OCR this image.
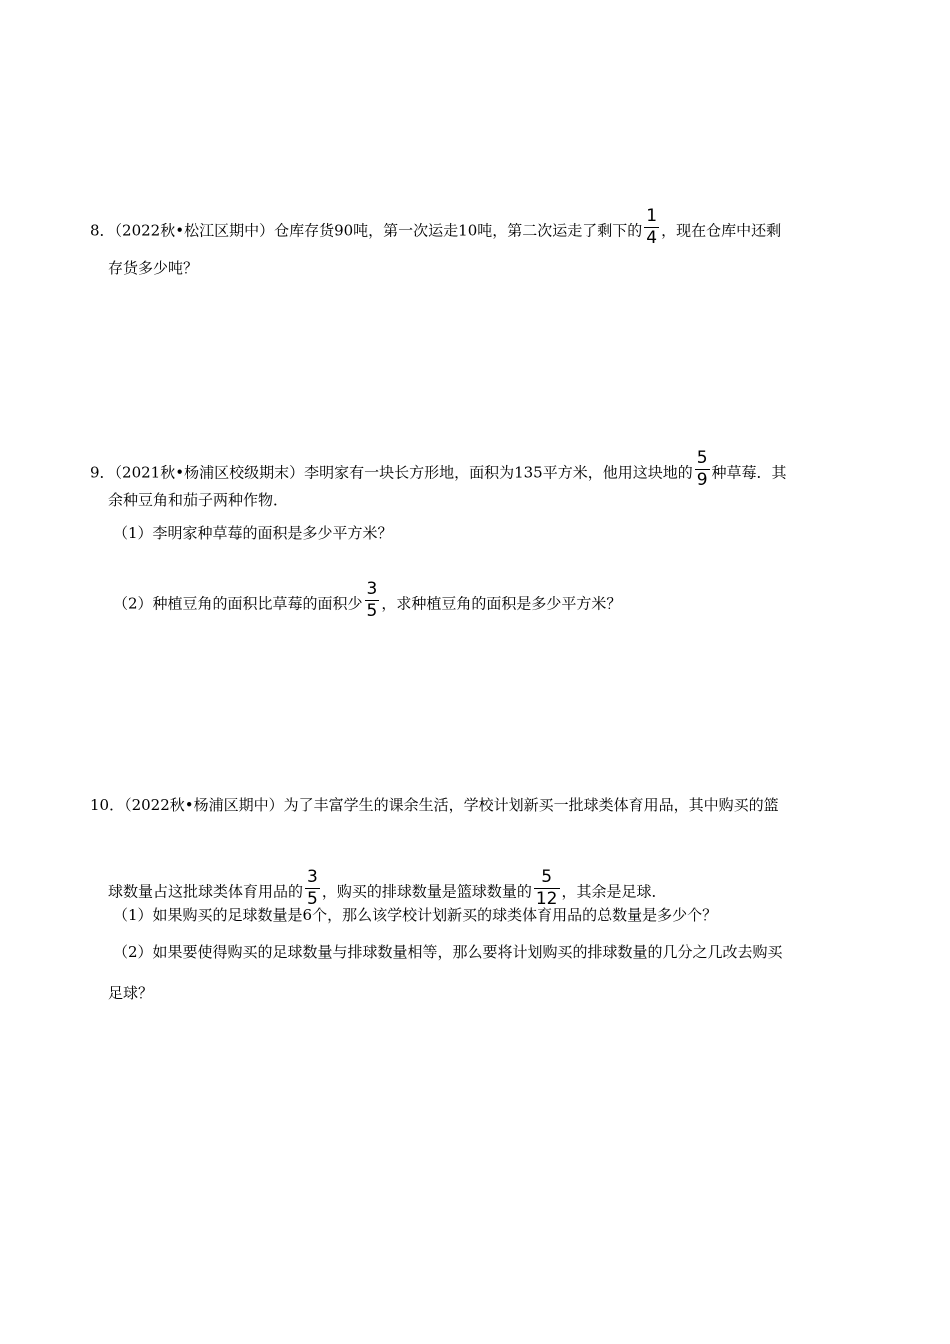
8．（2022秋•松江区期中）仓库存货90吨，第一次运走10吨，第二次运走了剩下的 $\frac{1}{4}$ ，现在仓库中还剩
存货多少吨？
9．（2021秋•杨浦区校级期末）李明家有一块长方形地，面积为135平方米，他用这块地的 $\frac{5}{9}$ 种草莓．其
余种豆角和茄子两种作物．
（1）李明家种草莓的面积是多少平方米？
（2）种植豆角的面积比草莓的面积少 $\frac{3}{5}$ ，求种植豆角的面积是多少平方米？
10．（2022秋•杨浦区期中）为了丰富学生的课余生活，学校计划新买一批球类体育用品，其中购买的篮
球数量占这批球类体育用品的 $\frac{3}{5}$ ，购买的排球数量是篮球数量的 $\frac{5}{12}$ ，其余是足球．
（1）如果购买的足球数量是6个，那么该学校计划新买的球类体育用品的总数量是多少个？
（2）如果要使得购买的足球数量与排球数量相等，那么要将计划购买的排球数量的几分之几改去购买
足球？
